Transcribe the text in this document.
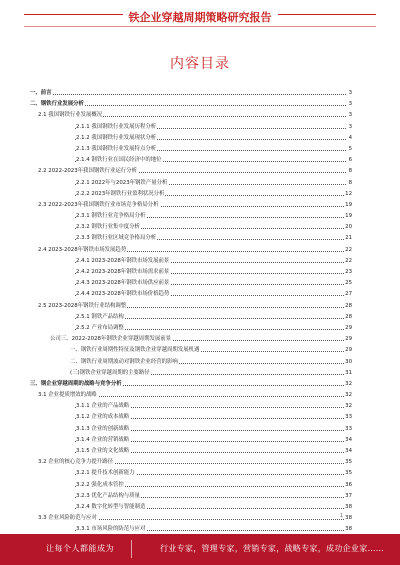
铁企业穿越周期策略研究报告
内容目录
一、前言	3
二、钢铁行业发展分析	3
2.1 我国钢铁行业发展概况	3
2.1.1 我国钢铁行业发展历程分析	3
2.1.2 我国钢铁行业发展现状分析	4
2.1.3 我国钢铁行业发展特点分析	5
2.1.4 钢铁行业在国民经济中的地位	6
2.2 2022-2023年我国钢铁行业运行分析	8
2.2.1 2022年与2023年钢铁产量分析	8
2.2.2 2023年钢铁行业盈利状况分析	12
2.3 2022-2023年我国钢铁行业市场竞争格局分析	19
2.3.1 钢铁行业竞争格局分析	19
2.3.2 钢铁行业集中度分析	20
2.3.3 钢铁行业区域竞争格局分析	21
2.4 2023-2028年钢铁市场发展趋势	22
2.4.1 2023-2028年钢铁市场发展前景	22
2.4.2 2023-2028年钢铁市场需求前景	23
2.4.3 2023-2028年钢铁市场供应前景	25
2.4.4 2023-2028年钢铁市场价格趋势	27
2.5 2023-2028年钢铁行业结构调整	28
2.5.1 钢铁产品结构	28
2.5.2 产业布局调整	29
公司三、2022-2028年钢铁企业穿越周期发展前景	29
一、钢铁行业周期性特征及钢铁企业穿越周期发展机遇	29
二、钢铁行业周期波动对钢铁企业经营的影响	30
(三)钢铁企业穿越周期的主要路径	31
三、钢企业穿越周期的战略与竞争分析	32
3.1 企业提质增效的战略	32
3.1.1 企业的产品战略	32
3.1.2 企业的成本战略	33
3.1.3 企业的创新战略	33
3.1.4 企业的营销战略	34
3.1.5 企业的文化战略	34
3.2 企业的核心竞争力提升路径	35
3.2.1 提升技术创新能力	35
3.2.2 强化成本管控	36
3.2.3 优化产品结构与质量	37
3.2.4 数字化转型与智能制造	38
3.3 企业风险防范与应对	38
3.3.1 市场风险的防范与应对	38
1
让每个人都能成为	行业专家，管理专家，营销专家，战略专家，成功企业家……
